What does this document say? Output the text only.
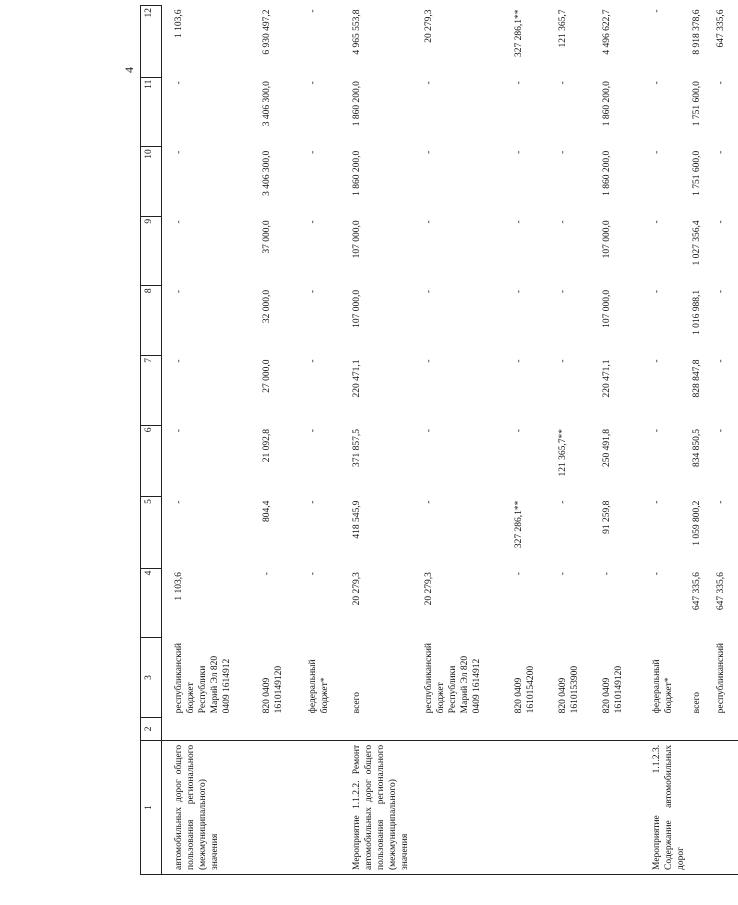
4
1	2	3	4	5	6	7	8	9	10	11	12

автомобильных дорог общего пользования регионального (межмуниципального) значения		республиканский бюджет Республики Марий Эл 820 0409 1614912	1 103,6	-	-	-	-	-	-	-	1 103,6
		820 0409 1610149120	-	804,4	21 092,8	27 000,0	32 000,0	37 000,0	3 406 300,0	3 406 300,0	6 930 497,2
		федеральный бюджет*	-	-	-	-	-	-	-	-	-
Мероприятие 1.1.2.2. Ремонт автомобильных дорог общего пользования регионального (межмуниципального) значения		всего	20 279,3	418 545,9	371 857,5	220 471,1	107 000,0	107 000,0	1 860 200,0	1 860 200,0	4 965 553,8
		республиканский бюджет Республики Марий Эл 820 0409 1614912	20 279,3	-	-	-	-	-	-	-	20 279,3
		820 0409 1610154200	-	327 286,1**	-	-	-	-	-	-	327 286,1**
		820 0409 1610153900	-	-	121 365,7**	-	-	-	-	-	121 365,7
		820 0409 1610149120	-	91 259,8	250 491,8	220 471,1	107 000,0	107 000,0	1 860 200,0	1 860 200,0	4 496 622,7
Мероприятие 1.1.2.3. Содержание автомобильных дорог		федеральный бюджет*	-	-	-	-	-	-	-	-	-
		всего	647 335,6	1 059 800,2	834 850,5	828 847,8	1 016 988,1	1 027 356,4	1 751 600,0	1 751 600,0	8 918 378,6
		республиканский	647 335,6	-	-	-	-	-	-	-	647 335,6
